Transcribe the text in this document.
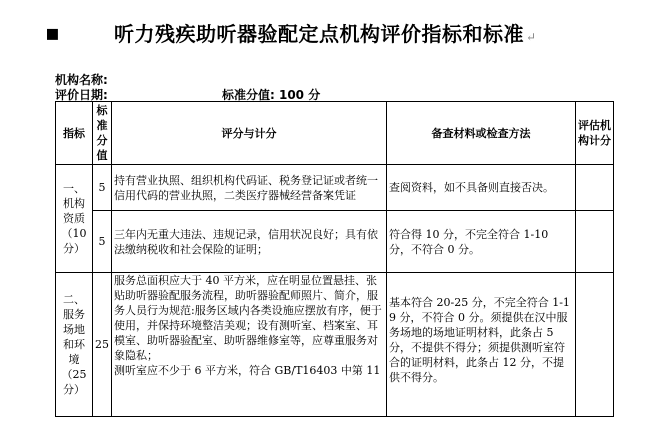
▪	听力残疾助听器验配定点机构评价指标和标准 ↵
机构名称:
评价日期:	标准分值: 100 分
指标	标准分值	评分与计分	备查材料或检查方法	评估机构计分
一、机构资质
（10 分）	5	持有营业执照、组织机构代码证、税务登记证或者统一信用代码的营业执照，二类医疗器械经营备案凭证	查阅资料，如不具备则直接否决。	
	5	三年内无重大违法、违规记录，信用状况良好；具有依法缴纳税收和社会保险的证明；	符合得 10 分，不完全符合 1-10 分，不符合 0 分。	
二、服务场地和环境
（25 分）	25	服务总面积应大于 40 平方米，应在明显位置悬挂、张贴助听器验配服务流程，助听器验配师照片、简介，服务人员行为规范:服务区域内各类设施应摆放有序，便于使用，并保持环境整洁美观；设有测听室、档案室、耳模室、助听器验配室、助听器维修室等，应尊重服务对象隐私；
测听室应不少于 6 平方米，符合 GB/T16403 中第 11	基本符合 20-25 分，不完全符合 1-19 分，不符合 0 分。须提供在汉中服务场地的场地证明材料，此条占 5 分，不提供不得分；须提供测听室符合的证明材料，此条占 12 分，不提供不得分。	
